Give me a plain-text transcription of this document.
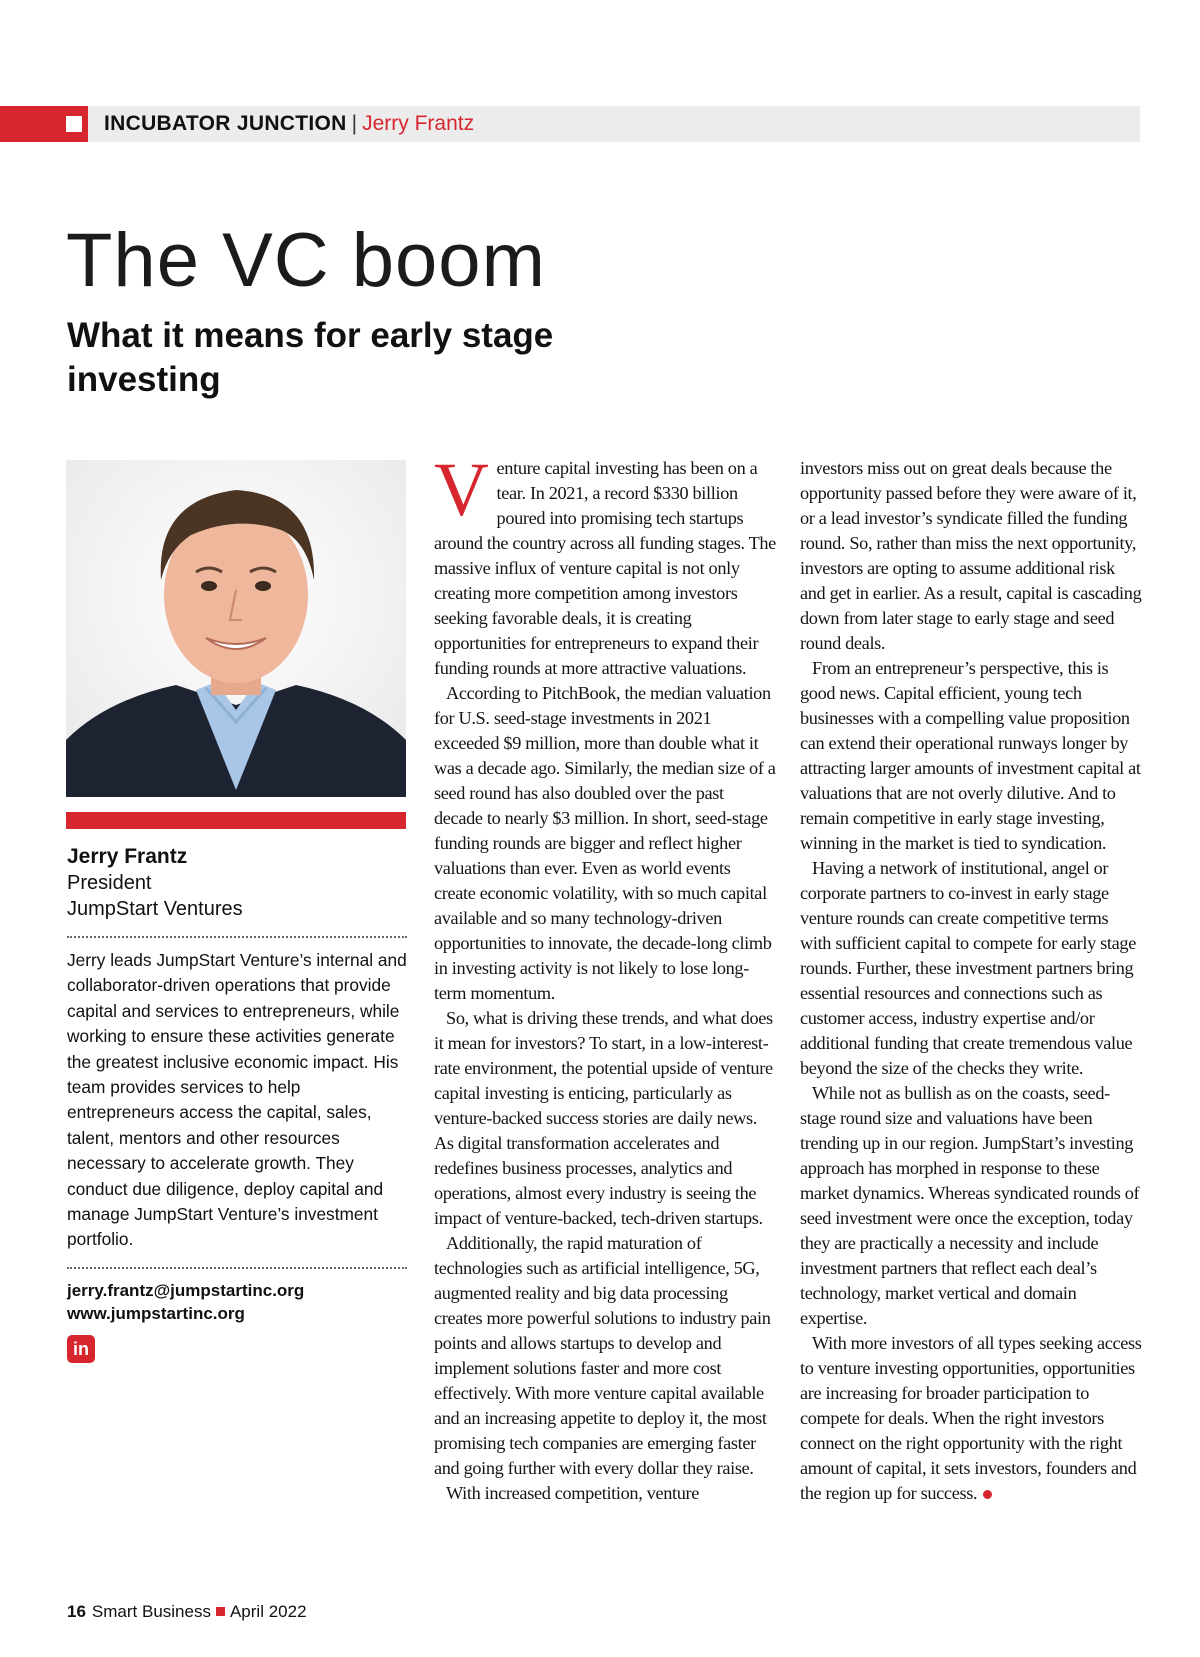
INCUBATOR JUNCTION | Jerry Frantz
The VC boom
What it means for early stage investing
Jerry Frantz
President
JumpStart Ventures
Jerry leads JumpStart Venture’s internal and collaborator-driven operations that provide capital and services to entrepreneurs, while working to ensure these activities generate the greatest inclusive economic impact. His team provides services to help entrepreneurs access the capital, sales, talent, mentors and other resources necessary to accelerate growth. They conduct due diligence, deploy capital and manage JumpStart Venture’s investment portfolio.
jerry.frantz@jumpstartinc.org
www.jumpstartinc.org
in

Venture capital investing has been on a tear. In 2021, a record $330 billion poured into promising tech startups around the country across all funding stages. The massive influx of venture capital is not only creating more competition among investors seeking favorable deals, it is creating opportunities for entrepreneurs to expand their funding rounds at more attractive valuations.

According to PitchBook, the median valuation for U.S. seed-stage investments in 2021 exceeded $9 million, more than double what it was a decade ago. Similarly, the median size of a seed round has also doubled over the past decade to nearly $3 million. In short, seed-stage funding rounds are bigger and reflect higher valuations than ever. Even as world events create economic volatility, with so much capital available and so many technology-driven opportunities to innovate, the decade-long climb in investing activity is not likely to lose long-term momentum.

So, what is driving these trends, and what does it mean for investors? To start, in a low-interest-rate environment, the potential upside of venture capital investing is enticing, particularly as venture-backed success stories are daily news. As digital transformation accelerates and redefines business processes, analytics and operations, almost every industry is seeing the impact of venture-backed, tech-driven startups.

Additionally, the rapid maturation of technologies such as artificial intelligence, 5G, augmented reality and big data processing creates more powerful solutions to industry pain points and allows startups to develop and implement solutions faster and more cost effectively. With more venture capital available and an increasing appetite to deploy it, the most promising tech companies are emerging faster and going further with every dollar they raise.

With increased competition, venture

investors miss out on great deals because the opportunity passed before they were aware of it, or a lead investor’s syndicate filled the funding round. So, rather than miss the next opportunity, investors are opting to assume additional risk and get in earlier. As a result, capital is cascading down from later stage to early stage and seed round deals.

From an entrepreneur’s perspective, this is good news. Capital efficient, young tech businesses with a compelling value proposition can extend their operational runways longer by attracting larger amounts of investment capital at valuations that are not overly dilutive. And to remain competitive in early stage investing, winning in the market is tied to syndication.

Having a network of institutional, angel or corporate partners to co-invest in early stage venture rounds can create competitive terms with sufficient capital to compete for early stage rounds. Further, these investment partners bring essential resources and connections such as customer access, industry expertise and/or additional funding that create tremendous value beyond the size of the checks they write.

While not as bullish as on the coasts, seed-stage round size and valuations have been trending up in our region. JumpStart’s investing approach has morphed in response to these market dynamics. Whereas syndicated rounds of seed investment were once the exception, today they are practically a necessity and include investment partners that reflect each deal’s technology, market vertical and domain expertise.

With more investors of all types seeking access to venture investing opportunities, opportunities are increasing for broader participation to compete for deals. When the right investors connect on the right opportunity with the right amount of capital, it sets investors, founders and the region up for success.

16 Smart Business April 2022
